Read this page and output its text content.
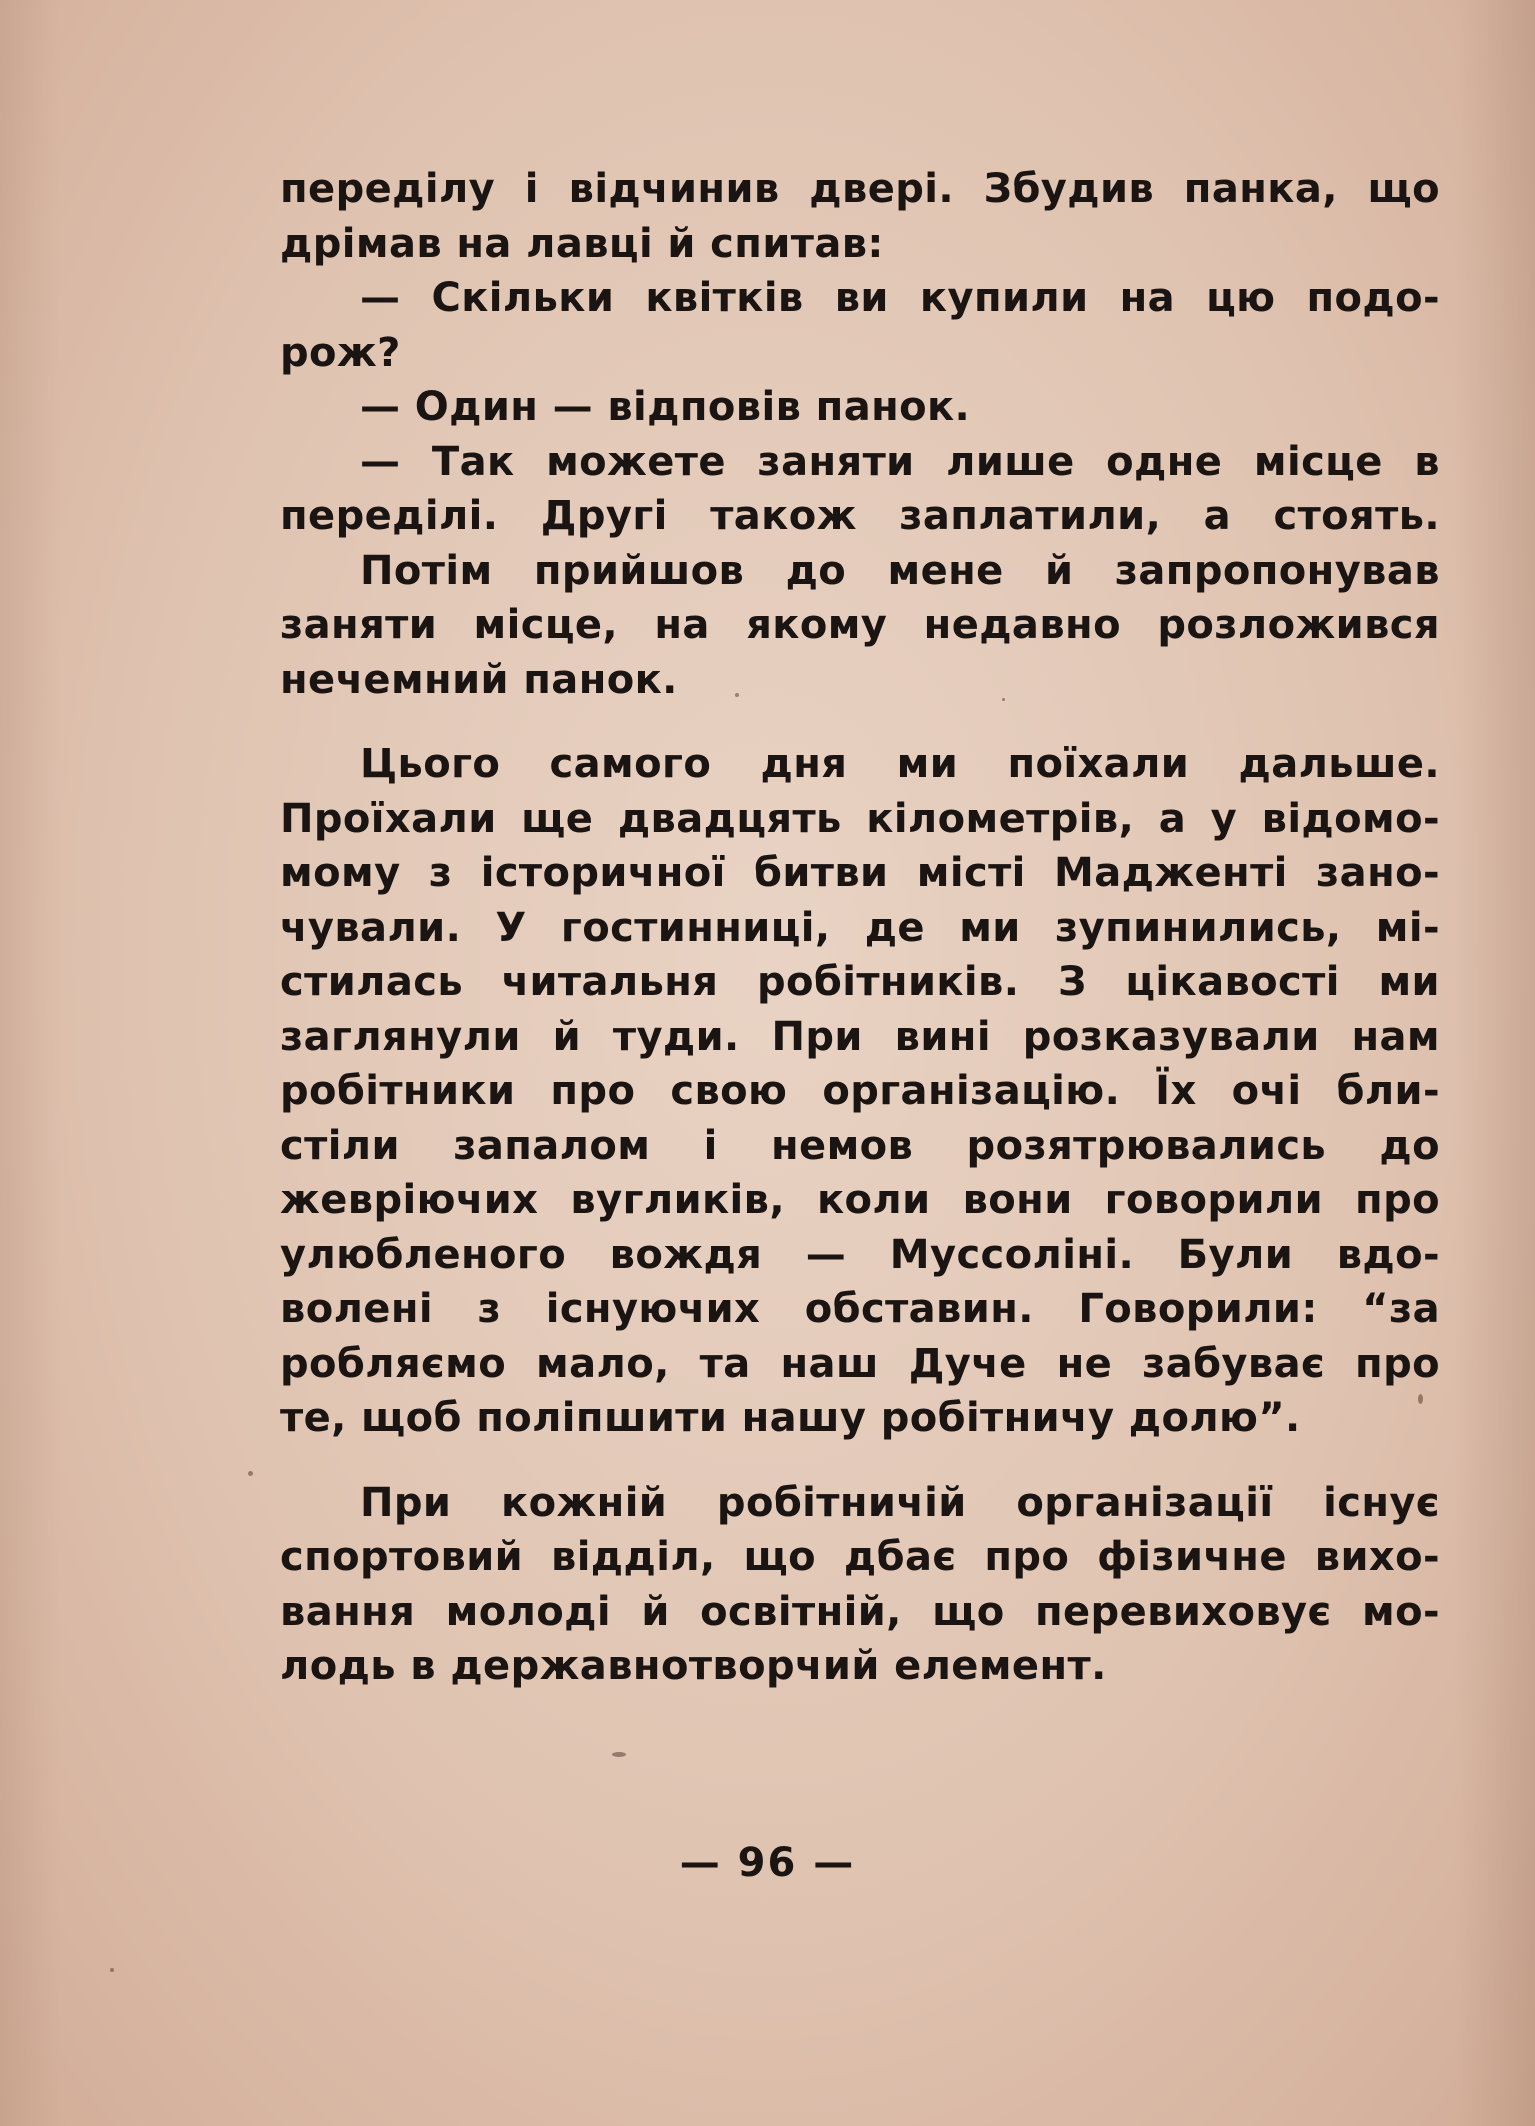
переділу і відчинив двері. Збудив панка, що
дрімав на лавці й спитав:
— Скільки квітків ви купили на цю подо-
рож?
— Один — відповів панок.
— Так можете заняти лише одне місце в
переділі. Другі також заплатили, а стоять.
Потім прийшов до мене й запропонував
заняти місце, на якому недавно розложився
нечемний панок.
Цього самого дня ми поїхали дальше.
Проїхали ще двадцять кілометрів, а у відомо-
мому з історичної битви місті Мадженті зано-
чували. У гостинниці, де ми зупинились, мі-
стилась читальня робітників. З цікавості ми
заглянули й туди. При вині розказували нам
робітники про свою організацію. Їх очі бли-
стіли запалом і немов розятрювались до
жевріючих вугликів, коли вони говорили про
улюбленого вождя — Муссоліні. Були вдо-
волені з існуючих обставин. Говорили: “за
робляємо мало, та наш Дуче не забуває про
те, щоб поліпшити нашу робітничу долю”.
При кожній робітничій організації існує
спортовий відділ, що дбає про фізичне вихо-
вання молоді й освітній, що перевиховує мо-
лодь в державнотворчий елемент.
— 96 —
